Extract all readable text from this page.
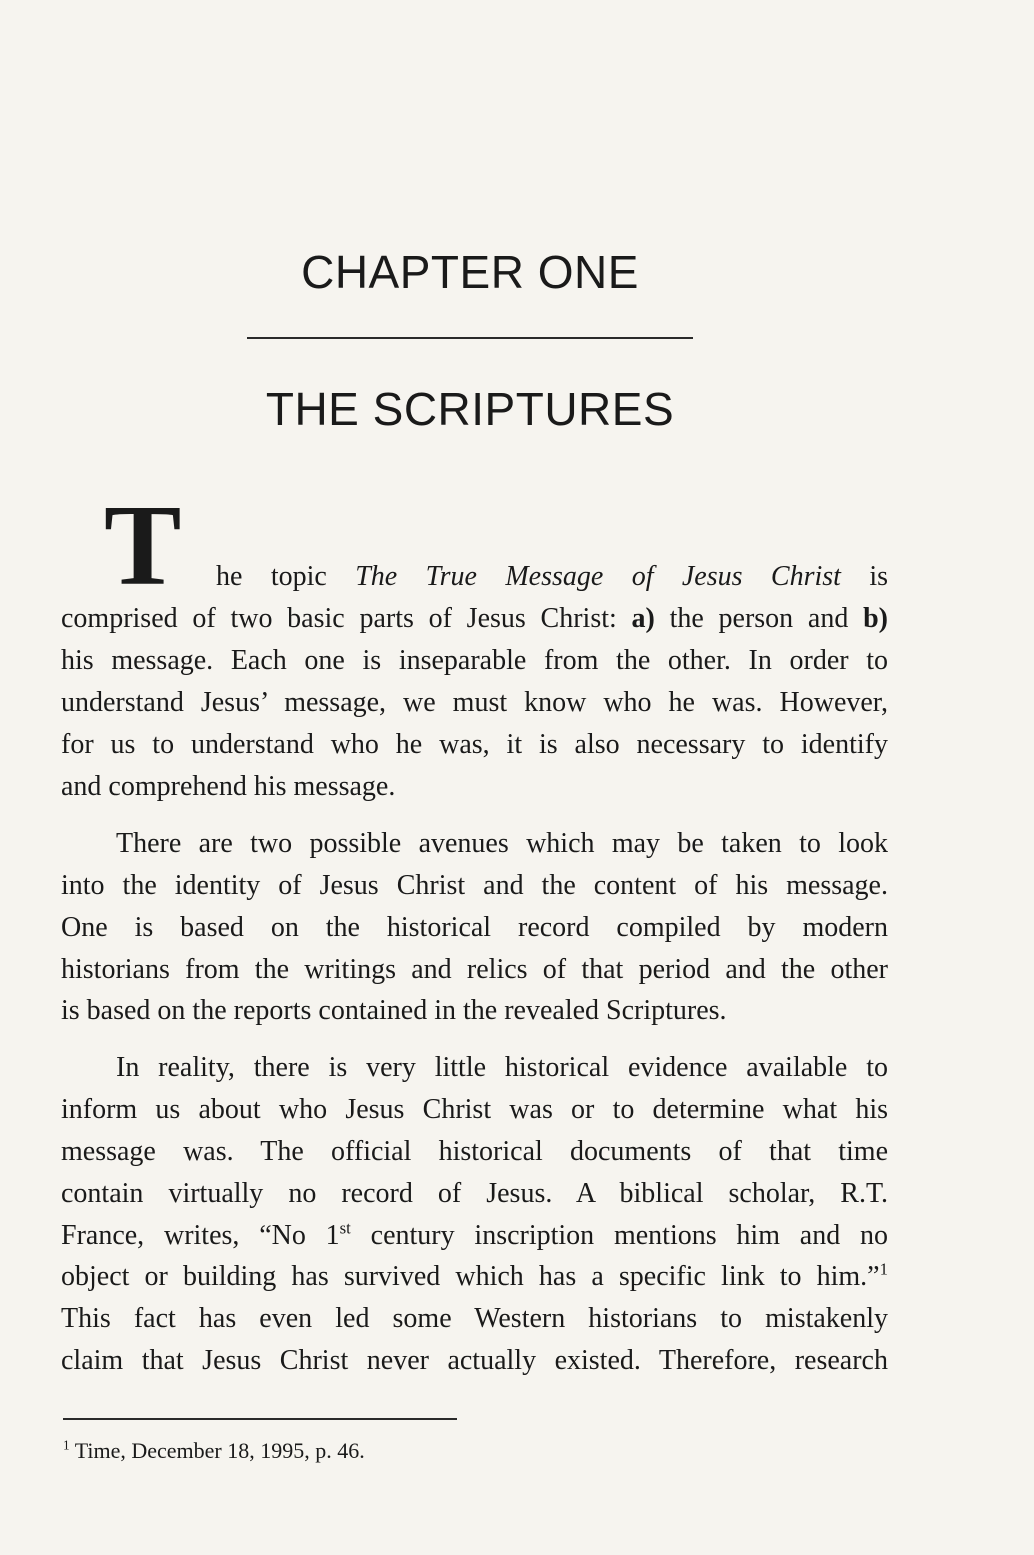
CHAPTER ONE
THE SCRIPTURES
T he topic The True Message of Jesus Christ is
comprised of two basic parts of Jesus Christ: a) the person and b)
his message. Each one is inseparable from the other. In order to
understand Jesus’ message, we must know who he was. However,
for us to understand who he was, it is also necessary to identify
and comprehend his message.
There are two possible avenues which may be taken to look
into the identity of Jesus Christ and the content of his message.
One is based on the historical record compiled by modern
historians from the writings and relics of that period and the other
is based on the reports contained in the revealed Scriptures.
In reality, there is very little historical evidence available to
inform us about who Jesus Christ was or to determine what his
message was. The official historical documents of that time
contain virtually no record of Jesus. A biblical scholar, R.T.
France, writes, “No 1st century inscription mentions him and no
object or building has survived which has a specific link to him.”$^1$
This fact has even led some Western historians to mistakenly
claim that Jesus Christ never actually existed. Therefore, research
$^1$ Time, December 18, 1995, p. 46.
